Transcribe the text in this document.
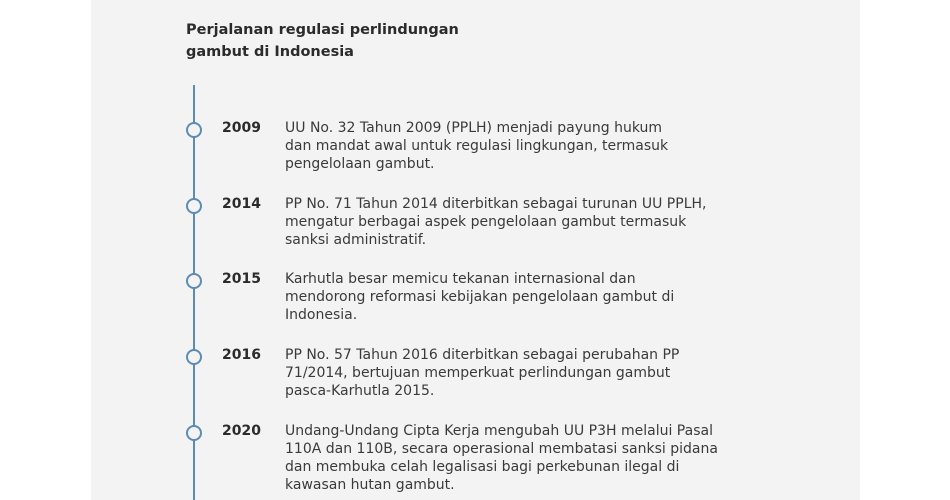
Perjalanan regulasi perlindungan
gambut di Indonesia
2009 UU No. 32 Tahun 2009 (PPLH) menjadi payung hukum
dan mandat awal untuk regulasi lingkungan, termasuk
pengelolaan gambut.

2014 PP No. 71 Tahun 2014 diterbitkan sebagai turunan UU PPLH,
mengatur berbagai aspek pengelolaan gambut termasuk
sanksi administratif.

2015 Karhutla besar memicu tekanan internasional dan
mendorong reformasi kebijakan pengelolaan gambut di
Indonesia.

2016 PP No. 57 Tahun 2016 diterbitkan sebagai perubahan PP
71/2014, bertujuan memperkuat perlindungan gambut
pasca-Karhutla 2015.

2020 Undang-Undang Cipta Kerja mengubah UU P3H melalui Pasal
110A dan 110B, secara operasional membatasi sanksi pidana
dan membuka celah legalisasi bagi perkebunan ilegal di
kawasan hutan gambut.
